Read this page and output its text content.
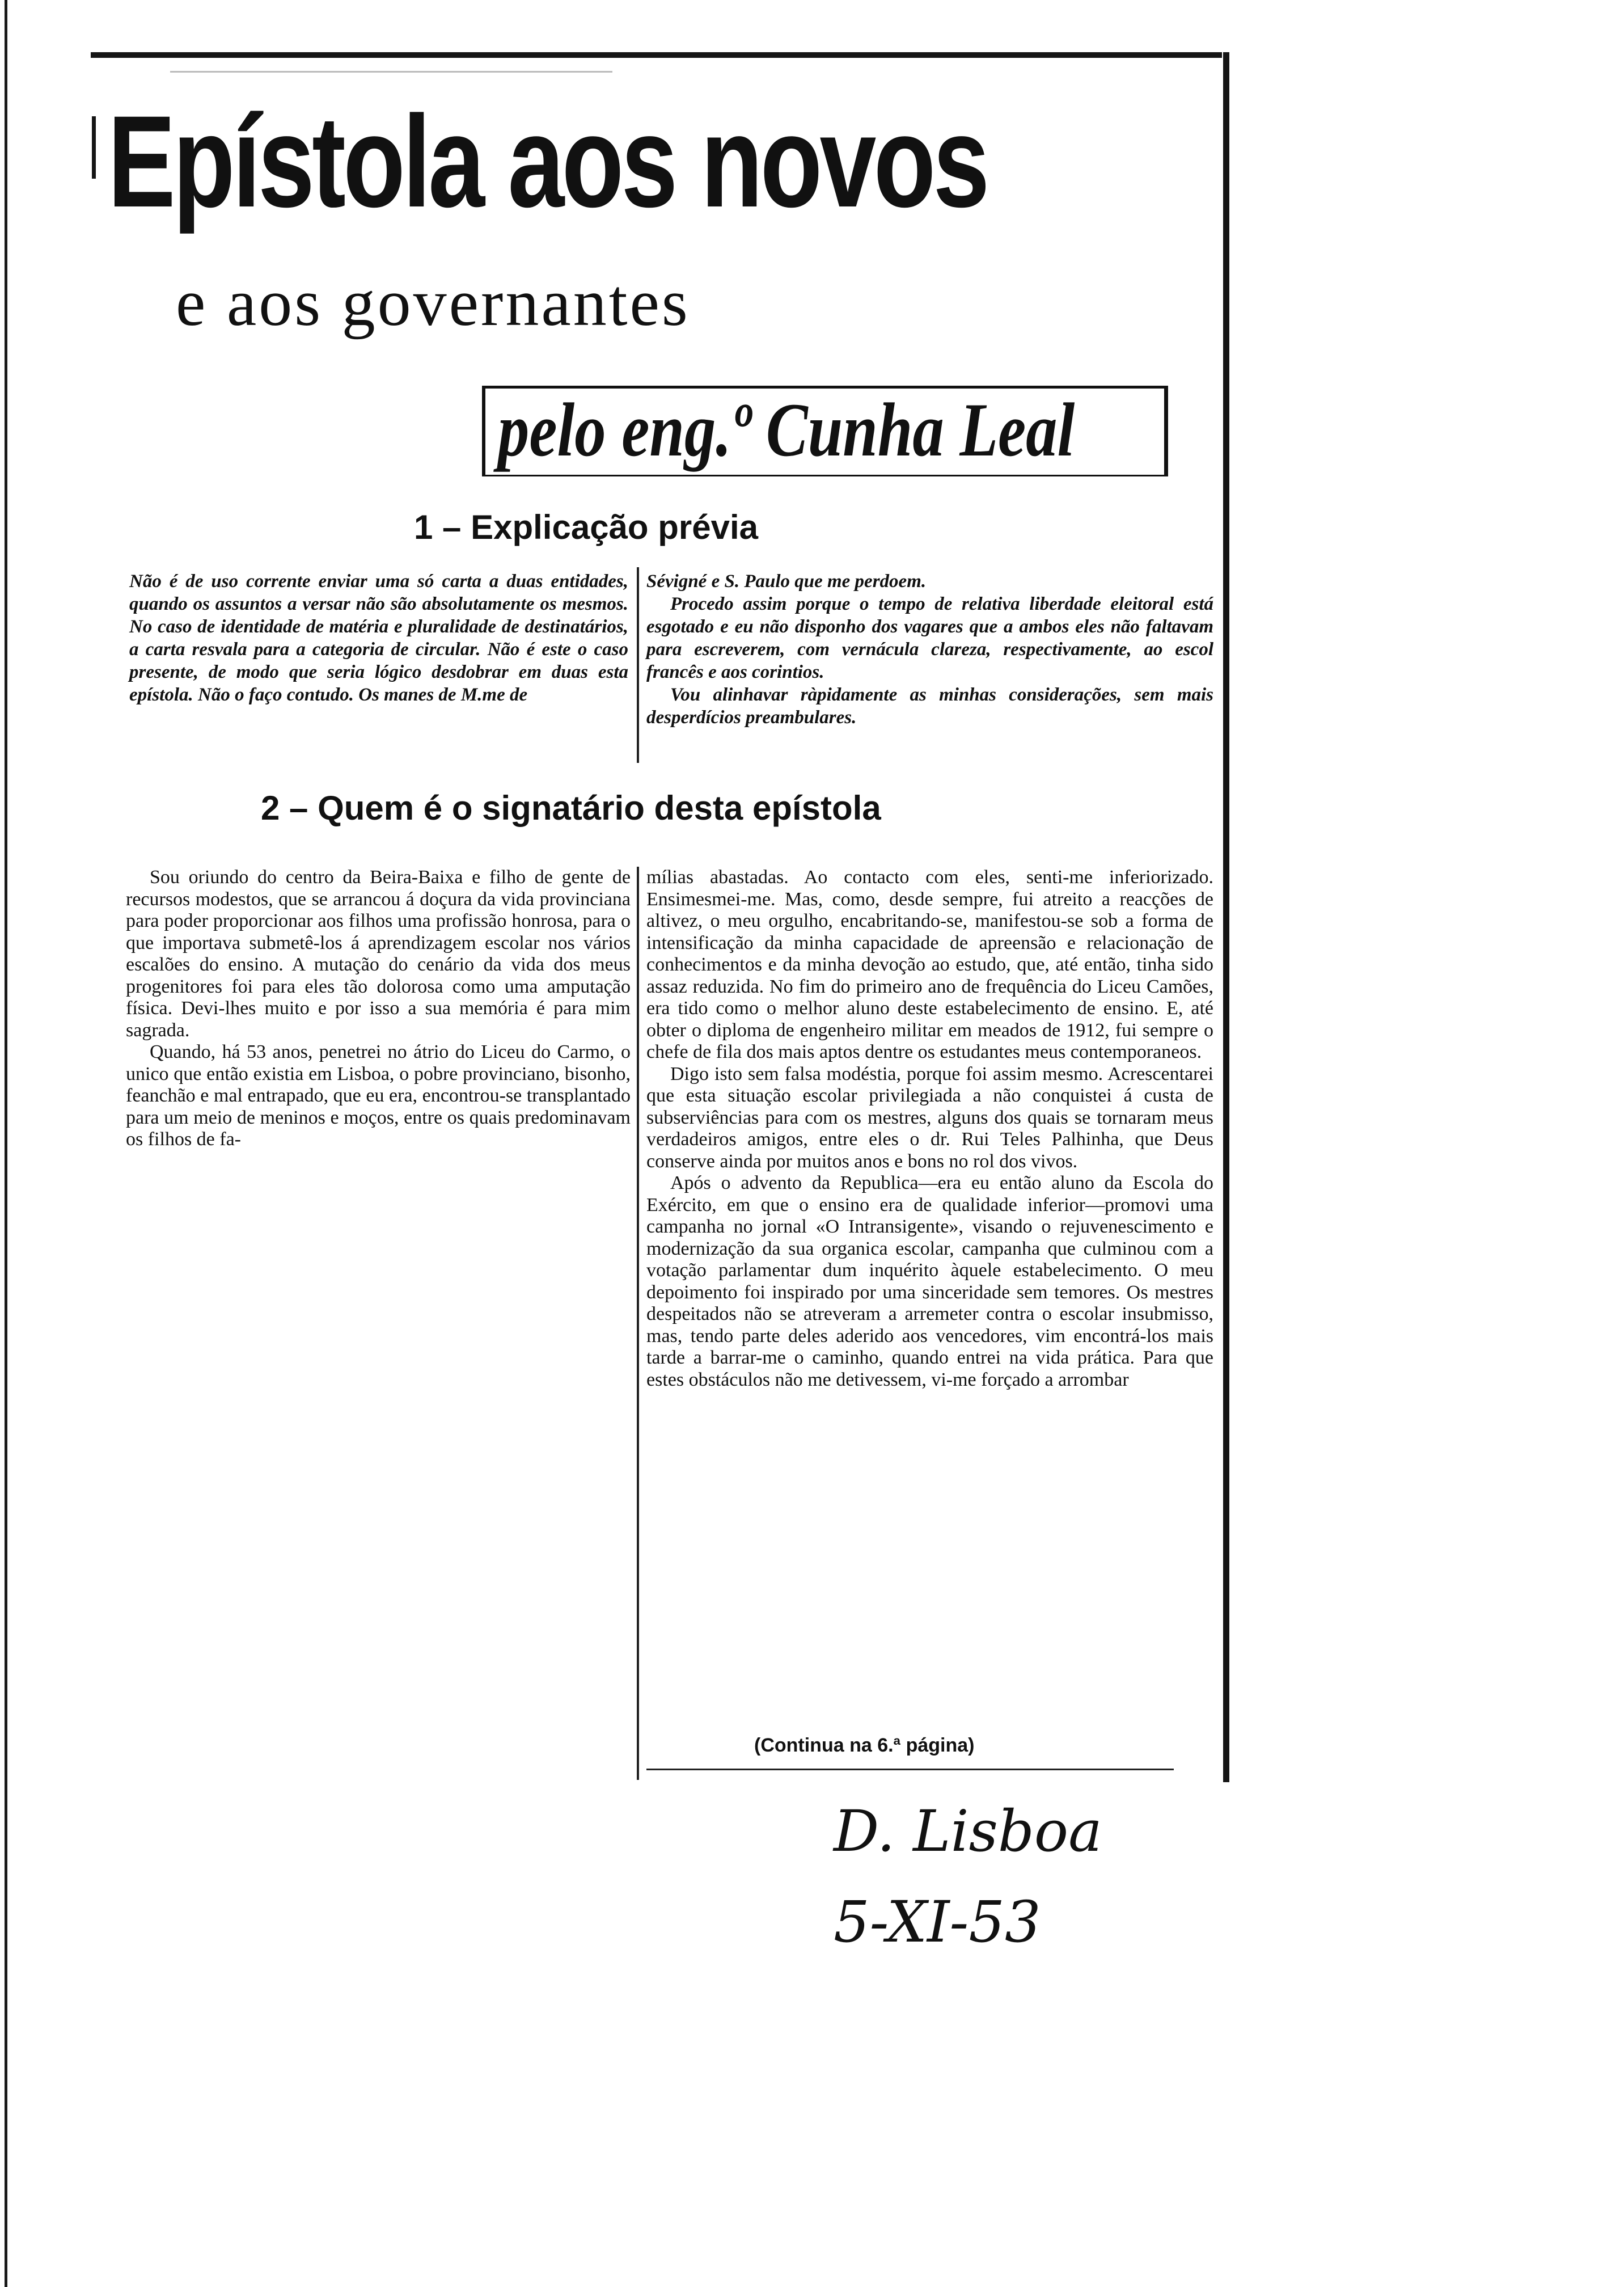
Epístola aos novos
e aos governantes
pelo eng.º Cunha Leal
1 – Explicação prévia

Não é de uso corrente enviar uma só carta a duas entidades, quando os assuntos a versar não são absolutamente os mesmos. No caso de identidade de matéria e pluralidade de destinatários, a carta resvala para a categoria de circular. Não é este o caso presente, de modo que seria lógico desdobrar em duas esta epístola. Não o faço contudo. Os manes de M.me de

Sévigné e S. Paulo que me perdoem.

Procedo assim porque o tempo de relativa liberdade eleitoral está esgotado e eu não disponho dos vagares que a ambos eles não faltavam para escreverem, com vernácula clareza, respectivamente, ao escol francês e aos corintios.

Vou alinhavar ràpidamente as minhas considerações, sem mais desperdícios preambulares.

2 – Quem é o signatário desta epístola

Sou oriundo do centro da Beira-Baixa e filho de gente de recursos modestos, que se arrancou á doçura da vida provinciana para poder proporcionar aos filhos uma profissão honrosa, para o que importava submetê-los á aprendizagem escolar nos vários escalões do ensino. A mutação do cenário da vida dos meus progenitores foi para eles tão dolorosa como uma amputação física. Devi-lhes muito e por isso a sua memória é para mim sagrada.

Quando, há 53 anos, penetrei no átrio do Liceu do Carmo, o unico que então existia em Lisboa, o pobre provinciano, bisonho, feanchão e mal entrapado, que eu era, encontrou-se transplantado para um meio de meninos e moços, entre os quais predominavam os filhos de fa-

mílias abastadas. Ao contacto com eles, senti-me inferiorizado. Ensimesmei-me. Mas, como, desde sempre, fui atreito a reacções de altivez, o meu orgulho, encabritando-se, manifestou-se sob a forma de intensificação da minha capacidade de apreensão e relacionação de conhecimentos e da minha devoção ao estudo, que, até então, tinha sido assaz reduzida. No fim do primeiro ano de frequência do Liceu Camões, era tido como o melhor aluno deste estabelecimento de ensino. E, até obter o diploma de engenheiro militar em meados de 1912, fui sempre o chefe de fila dos mais aptos dentre os estudantes meus contemporaneos.

Digo isto sem falsa modéstia, porque foi assim mesmo. Acrescentarei que esta situação escolar privilegiada a não conquistei á custa de subserviências para com os mestres, alguns dos quais se tornaram meus verdadeiros amigos, entre eles o dr. Rui Teles Palhinha, que Deus conserve ainda por muitos anos e bons no rol dos vivos.

Após o advento da Republica—era eu então aluno da Escola do Exército, em que o ensino era de qualidade inferior—promovi uma campanha no jornal «O Intransigente», visando o rejuvenescimento e modernização da sua organica escolar, campanha que culminou com a votação parlamentar dum inquérito àquele estabelecimento. O meu depoimento foi inspirado por uma sinceridade sem temores. Os mestres despeitados não se atreveram a arremeter contra o escolar insubmisso, mas, tendo parte deles aderido aos vencedores, vim encontrá-los mais tarde a barrar-me o caminho, quando entrei na vida prática. Para que estes obstáculos não me detivessem, vi-me forçado a arrombar

(Continua na 6.ª página)
D. Lisboa
5-XI-53
